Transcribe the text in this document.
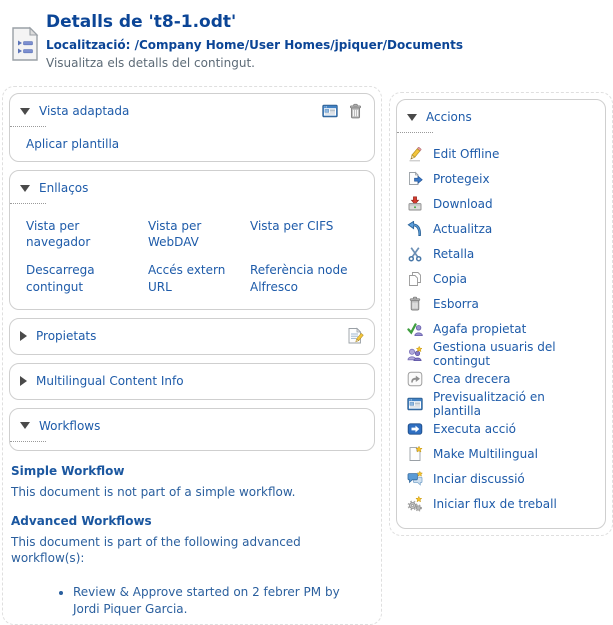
Detalls de 't8-1.odt'
Localització: /Company Home/User Homes/jpiquer/Documents
Visualitza els detalls del contingut.
Vista adaptada
Aplicar plantilla
Enllaços
Vista per navegador
Vista per WebDAV
Vista per CIFS
Descarrega contingut
Accés extern URL
Referència node Alfresco
Propietats
Multilingual Content Info
Workflows
Simple Workflow

This document is not part of a simple workflow.

Advanced Workflows

This document is part of the following advanced workflow(s):

• Review & Approve started on 2 febrer PM by Jordi Piquer Garcia.
Accions
Edit Offline
Protegeix
Download
Actualitza
Retalla
Copia
Esborra
Agafa propietat
Gestiona usuaris del contingut
Crea drecera
Previsualització en plantilla
Executa acció
Make Multilingual
Inciar discussió
Iniciar flux de treball
